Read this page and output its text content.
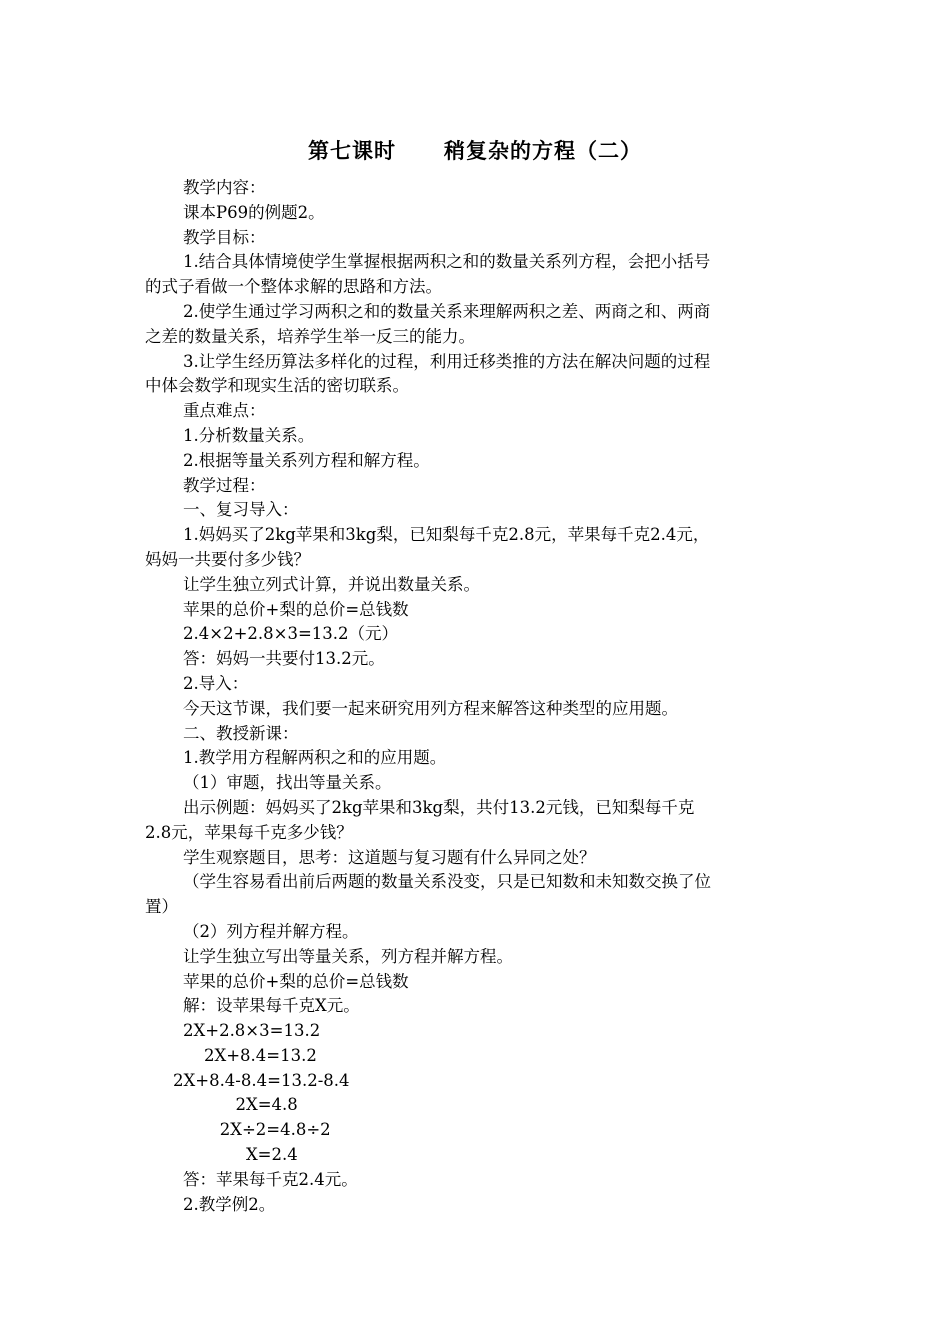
第七课时 稍复杂的方程（二）

教学内容：

课本P69的例题2。

教学目标：

1.结合具体情境使学生掌握根据两积之和的数量关系列方程，会把小括号

的式子看做一个整体求解的思路和方法。

2.使学生通过学习两积之和的数量关系来理解两积之差、两商之和、两商

之差的数量关系，培养学生举一反三的能力。

3.让学生经历算法多样化的过程，利用迁移类推的方法在解决问题的过程

中体会数学和现实生活的密切联系。

重点难点：

1.分析数量关系。

2.根据等量关系列方程和解方程。

教学过程：

一、复习导入：

1.妈妈买了2kg苹果和3kg梨，已知梨每千克2.8元，苹果每千克2.4元，

妈妈一共要付多少钱？

让学生独立列式计算，并说出数量关系。

苹果的总价+梨的总价=总钱数

2.4×2+2.8×3=13.2（元）

答：妈妈一共要付13.2元。

2.导入：

今天这节课，我们要一起来研究用列方程来解答这种类型的应用题。

二、教授新课：

1.教学用方程解两积之和的应用题。

（1）审题，找出等量关系。

出示例题：妈妈买了2kg苹果和3kg梨，共付13.2元钱，已知梨每千克

2.8元，苹果每千克多少钱？

学生观察题目，思考：这道题与复习题有什么异同之处？

（学生容易看出前后两题的数量关系没变，只是已知数和未知数交换了位

置）

（2）列方程并解方程。

让学生独立写出等量关系，列方程并解方程。

苹果的总价+梨的总价=总钱数

解：设苹果每千克X元。

2X+2.8×3=13.2

2X+8.4=13.2

2X+8.4-8.4=13.2-8.4

2X=4.8

2X÷2=4.8÷2

X=2.4

答：苹果每千克2.4元。

2.教学例2。
